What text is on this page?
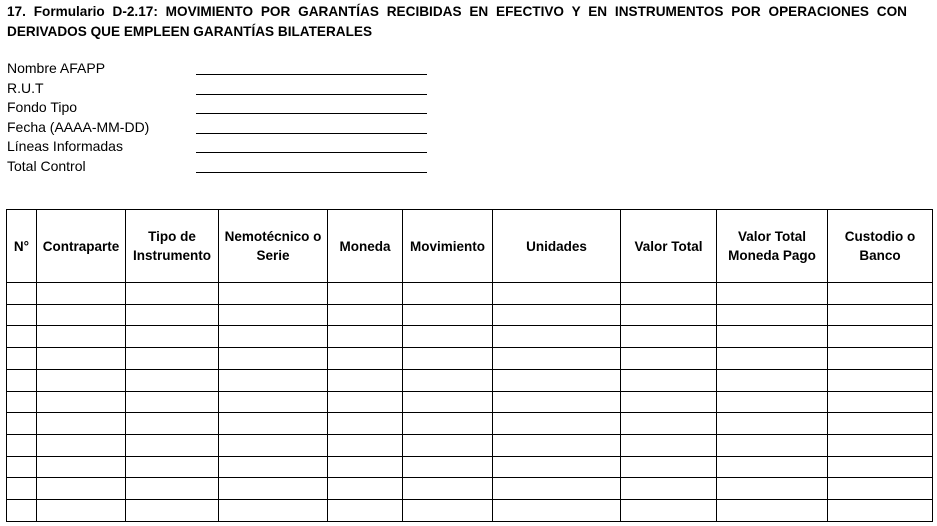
17. Formulario D-2.17: MOVIMIENTO POR GARANTÍAS RECIBIDAS EN EFECTIVO Y EN INSTRUMENTOS POR OPERACIONES CON DERIVADOS QUE EMPLEEN GARANTÍAS BILATERALES
Nombre AFAPP
R.U.T
Fondo Tipo
Fecha (AAAA-MM-DD)
Líneas Informadas
Total Control
N°	Contraparte	Tipo de Instrumento	Nemotécnico o Serie	Moneda	Movimiento	Unidades	Valor Total	Valor Total Moneda Pago	Custodio o Banco
